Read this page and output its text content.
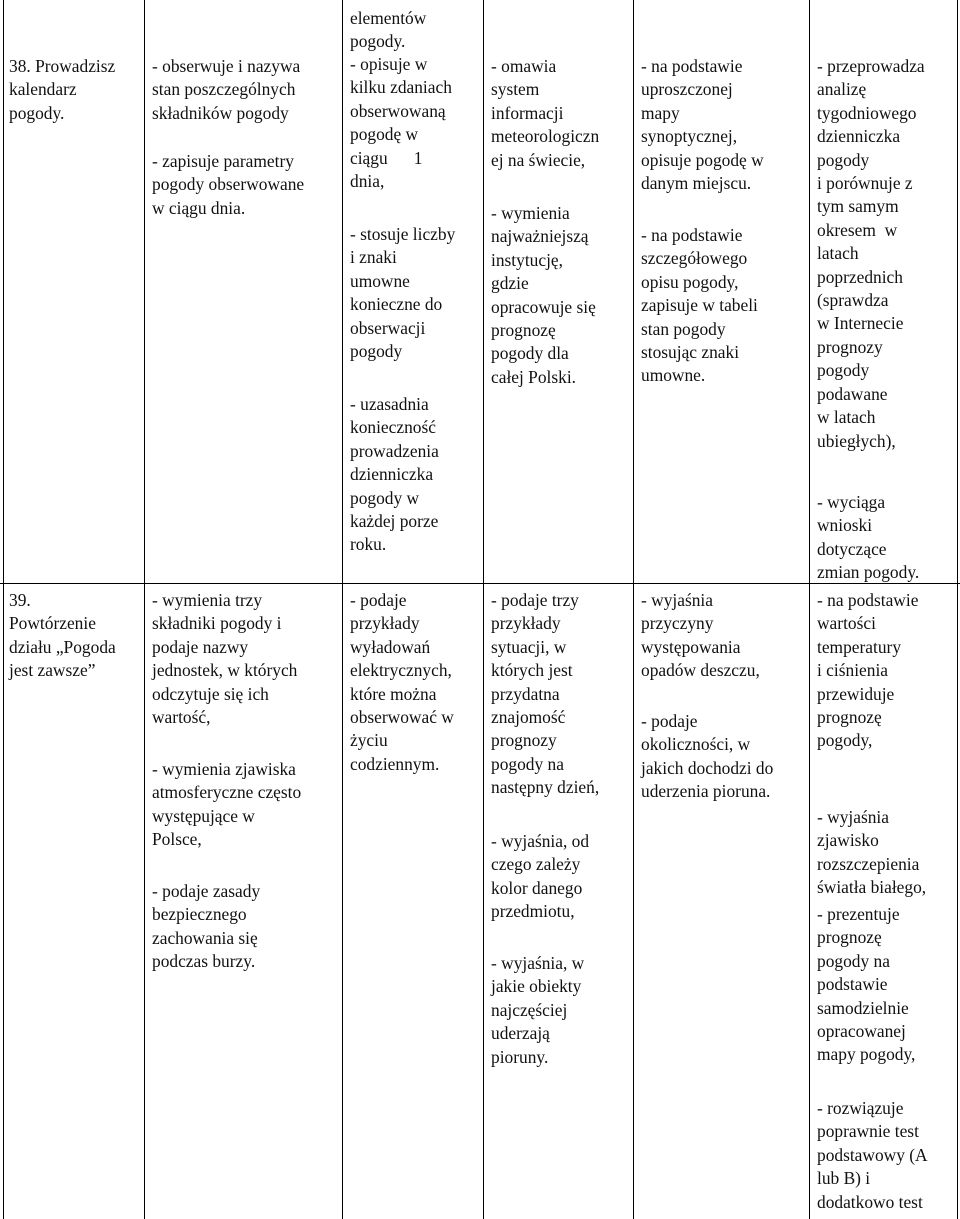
38. Prowadzisz
kalendarz
pogody.
- obserwuje i nazywa
stan poszczególnych
składników pogody
- zapisuje parametry
pogody obserwowane
w ciągu dnia.
elementów
pogody.
- opisuje w
kilku zdaniach
obserwowaną
pogodę w
ciągu      1
dnia,
- stosuje liczby
i znaki
umowne
konieczne do
obserwacji
pogody
- uzasadnia
konieczność
prowadzenia
dzienniczka
pogody w
każdej porze
roku.
- omawia
system
informacji
meteorologiczn
ej na świecie,
- wymienia
najważniejszą
instytucję,
gdzie
opracowuje się
prognozę
pogody dla
całej Polski.
- na podstawie
uproszczonej
mapy
synoptycznej,
opisuje pogodę w
danym miejscu.
- na podstawie
szczegółowego
opisu pogody,
zapisuje w tabeli
stan pogody
stosując znaki
umowne.
- przeprowadza
analizę
tygodniowego
dzienniczka
pogody
i porównuje z
tym samym
okresem  w
latach
poprzednich
(sprawdza
w Internecie
prognozy
pogody
podawane
w latach
ubiegłych),
- wyciąga
wnioski
dotyczące
zmian pogody.
39.
Powtórzenie
działu „Pogoda
jest zawsze”
- wymienia trzy
składniki pogody i
podaje nazwy
jednostek, w których
odczytuje się ich
wartość,
- wymienia zjawiska
atmosferyczne często
występujące w
Polsce,
- podaje zasady
bezpiecznego
zachowania się
podczas burzy.
- podaje
przykłady
wyładowań
elektrycznych,
które można
obserwować w
życiu
codziennym.
- podaje trzy
przykłady
sytuacji, w
których jest
przydatna
znajomość
prognozy
pogody na
następny dzień,
- wyjaśnia, od
czego zależy
kolor danego
przedmiotu,
- wyjaśnia, w
jakie obiekty
najczęściej
uderzają
pioruny.
- wyjaśnia
przyczyny
występowania
opadów deszczu,
- podaje
okoliczności, w
jakich dochodzi do
uderzenia pioruna.
- na podstawie
wartości
temperatury
i ciśnienia
przewiduje
prognozę
pogody,
- wyjaśnia
zjawisko
rozszczepienia
światła białego,
- prezentuje
prognozę
pogody na
podstawie
samodzielnie
opracowanej
mapy pogody,
- rozwiązuje
poprawnie test
podstawowy (A
lub B) i
dodatkowo test
